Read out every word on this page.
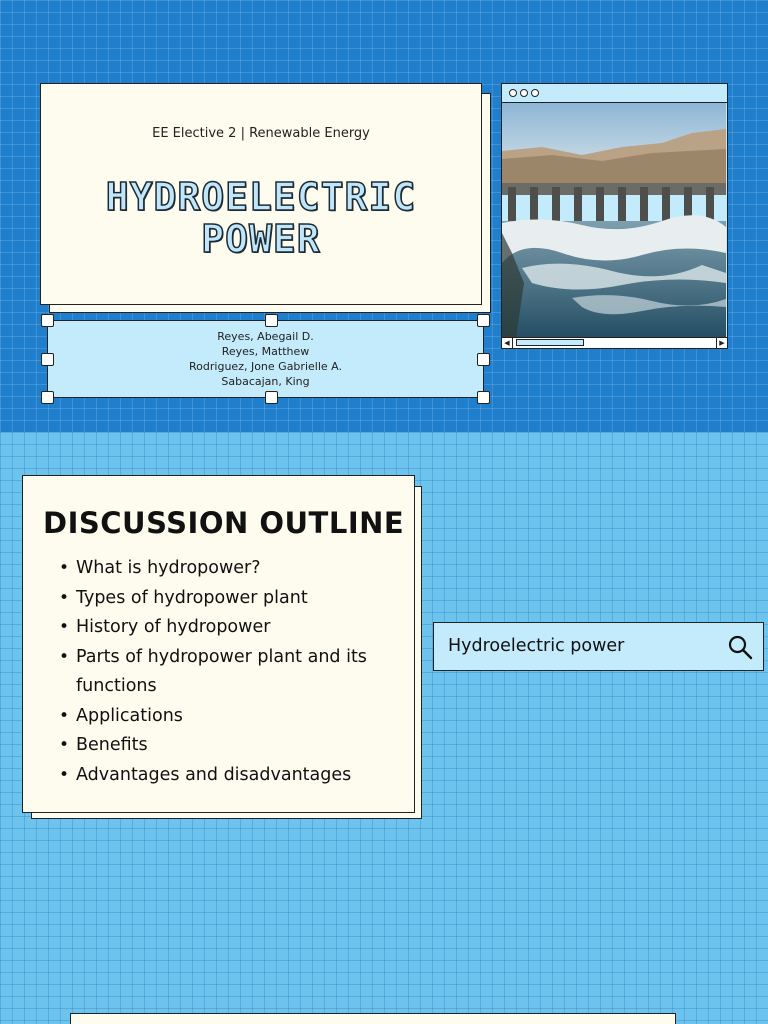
EE Elective 2 | Renewable Energy
HYDROELECTRIC
POWER
Reyes, Abegail D.
Reyes, Matthew
Rodriguez, Jone Gabrielle A.
Sabacajan, King
◀	▶
DISCUSSION OUTLINE
• What is hydropower?
• Types of hydropower plant
• History of hydropower
• Parts of hydropower plant and its functions
• Applications
• Benefits
• Advantages and disadvantages
Hydroelectric power
